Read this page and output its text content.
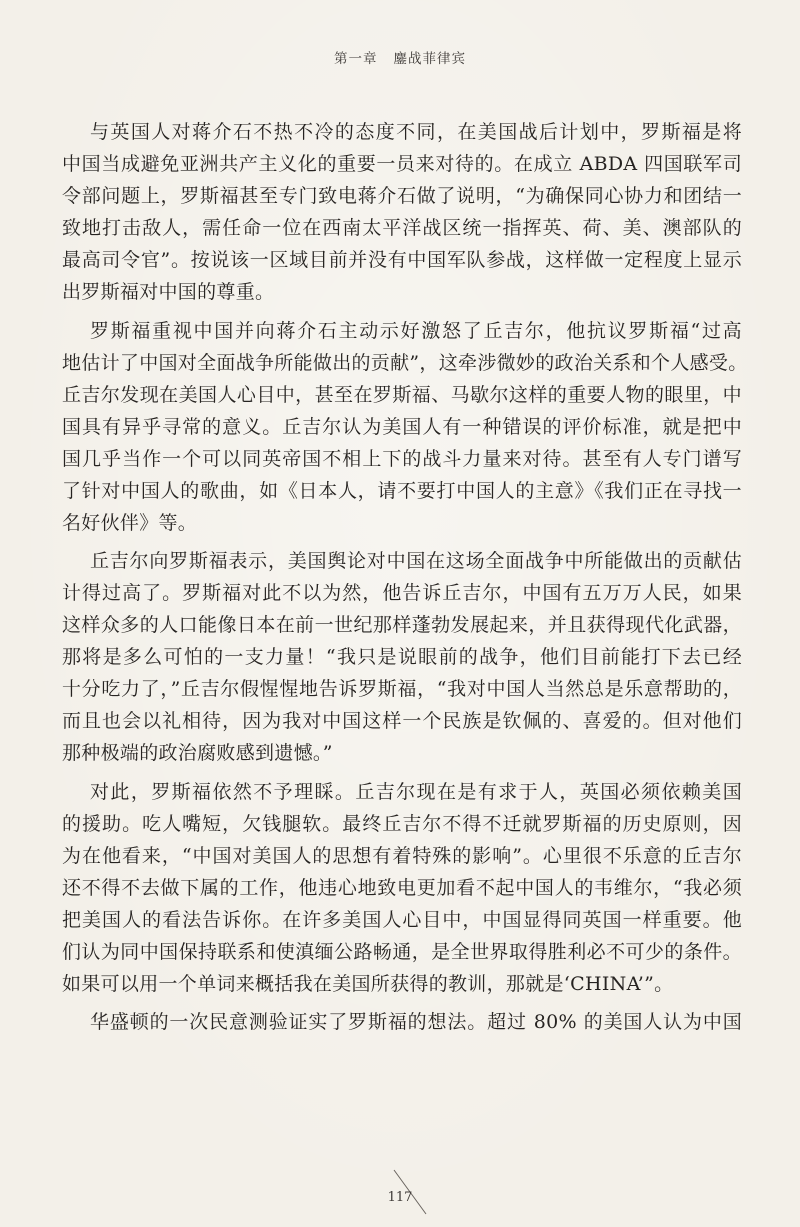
第一章 鏖战菲律宾
与英国人对蒋介石不热不冷的态度不同，在美国战后计划中，罗斯福是将
中国当成避免亚洲共产主义化的重要一员来对待的。在成立 ABDA 四国联军司
令部问题上，罗斯福甚至专门致电蒋介石做了说明，“为确保同心协力和团结一
致地打击敌人，需任命一位在西南太平洋战区统一指挥英、荷、美、澳部队的
最高司令官”。按说该一区域目前并没有中国军队参战，这样做一定程度上显示
出罗斯福对中国的尊重。
罗斯福重视中国并向蒋介石主动示好激怒了丘吉尔，他抗议罗斯福“过高
地估计了中国对全面战争所能做出的贡献”，这牵涉微妙的政治关系和个人感受。
丘吉尔发现在美国人心目中，甚至在罗斯福、马歇尔这样的重要人物的眼里，中
国具有异乎寻常的意义。丘吉尔认为美国人有一种错误的评价标准，就是把中
国几乎当作一个可以同英帝国不相上下的战斗力量来对待。甚至有人专门谱写
了针对中国人的歌曲，如《日本人，请不要打中国人的主意》《我们正在寻找一
名好伙伴》等。
丘吉尔向罗斯福表示，美国舆论对中国在这场全面战争中所能做出的贡献估
计得过高了。罗斯福对此不以为然，他告诉丘吉尔，中国有五万万人民，如果
这样众多的人口能像日本在前一世纪那样蓬勃发展起来，并且获得现代化武器，
那将是多么可怕的一支力量！“我只是说眼前的战争，他们目前能打下去已经
十分吃力了，”丘吉尔假惺惺地告诉罗斯福，“我对中国人当然总是乐意帮助的，
而且也会以礼相待，因为我对中国这样一个民族是钦佩的、喜爱的。但对他们
那种极端的政治腐败感到遗憾。”
对此，罗斯福依然不予理睬。丘吉尔现在是有求于人，英国必须依赖美国
的援助。吃人嘴短，欠钱腿软。最终丘吉尔不得不迁就罗斯福的历史原则，因
为在他看来，“中国对美国人的思想有着特殊的影响”。心里很不乐意的丘吉尔
还不得不去做下属的工作，他违心地致电更加看不起中国人的韦维尔，“我必须
把美国人的看法告诉你。在许多美国人心目中，中国显得同英国一样重要。他
们认为同中国保持联系和使滇缅公路畅通，是全世界取得胜利必不可少的条件。
如果可以用一个单词来概括我在美国所获得的教训，那就是‘CHINA’”。
华盛顿的一次民意测验证实了罗斯福的想法。超过 80% 的美国人认为中国
117
